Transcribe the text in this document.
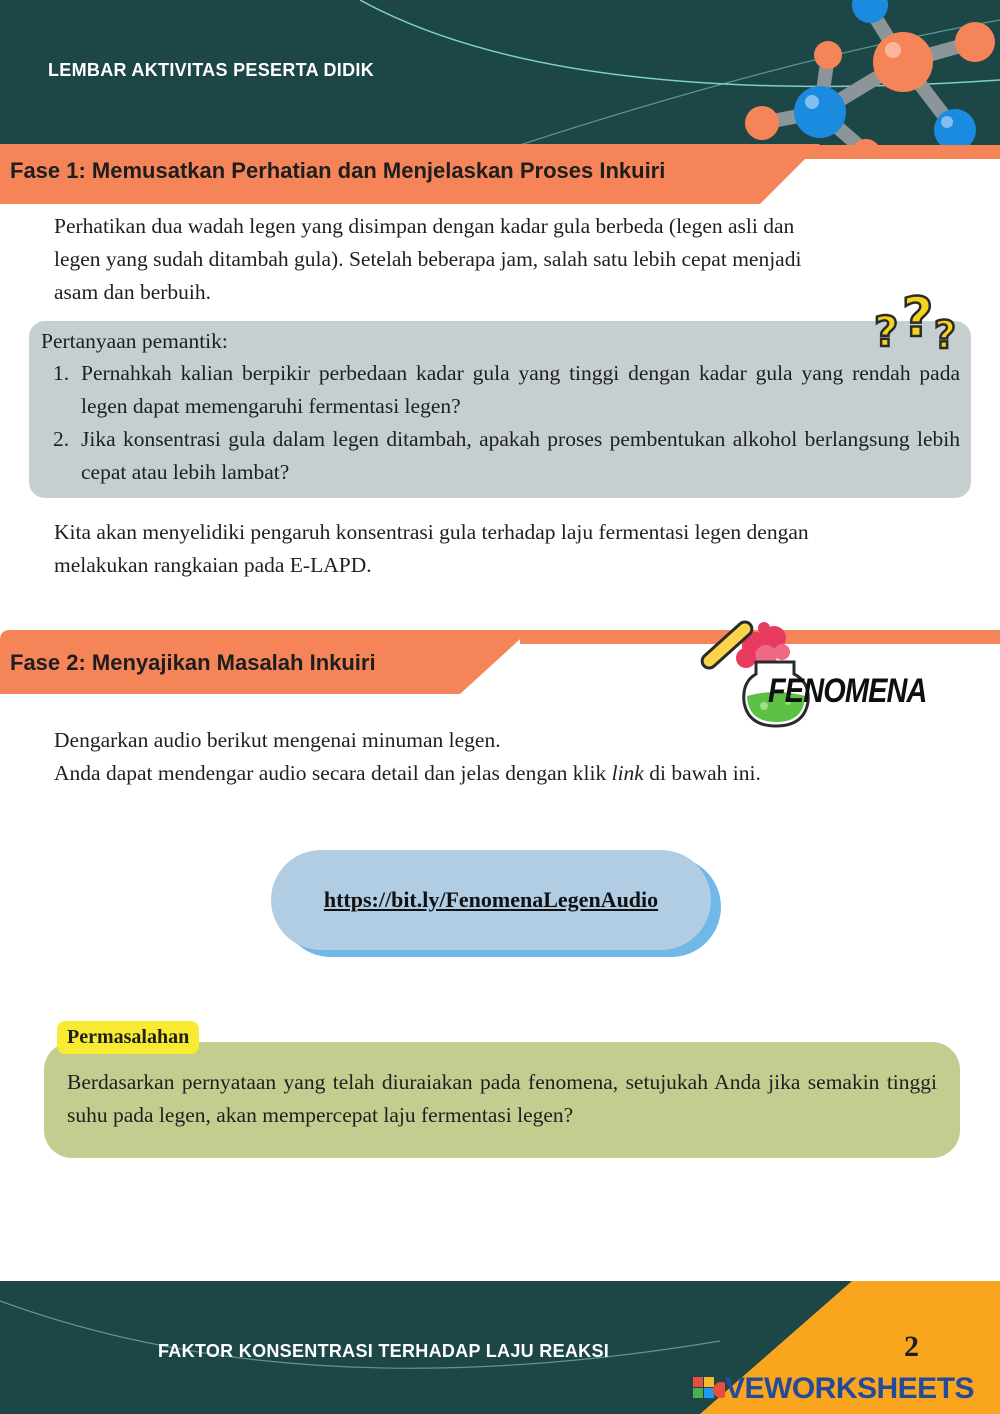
LEMBAR AKTIVITAS PESERTA DIDIK
Fase 1: Memusatkan Perhatian dan Menjelaskan Proses Inkuiri
Perhatikan dua wadah legen yang disimpan dengan kadar gula berbeda (legen asli dan
legen yang sudah ditambah gula). Setelah beberapa jam, salah satu lebih cepat menjadi
asam dan berbuih.
Pertanyaan pemantik:
1. Pernahkah kalian berpikir perbedaan kadar gula yang tinggi dengan kadar gula yang rendah pada legen dapat memengaruhi fermentasi legen?
2. Jika konsentrasi gula dalam legen ditambah, apakah proses pembentukan alkohol berlangsung lebih cepat atau lebih lambat?
? ? ?
Kita akan menyelidiki pengaruh konsentrasi gula terhadap laju fermentasi legen dengan
melakukan rangkaian pada E-LAPD.
Fase 2: Menyajikan Masalah Inkuiri
FENOMENA
Dengarkan audio berikut mengenai minuman legen.
Anda dapat mendengar audio secara detail dan jelas dengan klik link di bawah ini.
https://bit.ly/FenomenaLegenAudio
Permasalahan
Berdasarkan pernyataan yang telah diuraiakan pada fenomena, setujukah Anda jika semakin tinggi suhu pada legen, akan mempercepat laju fermentasi legen?
FAKTOR KONSENTRASI TERHADAP LAJU REAKSI	2
VEWORKSHEETS
